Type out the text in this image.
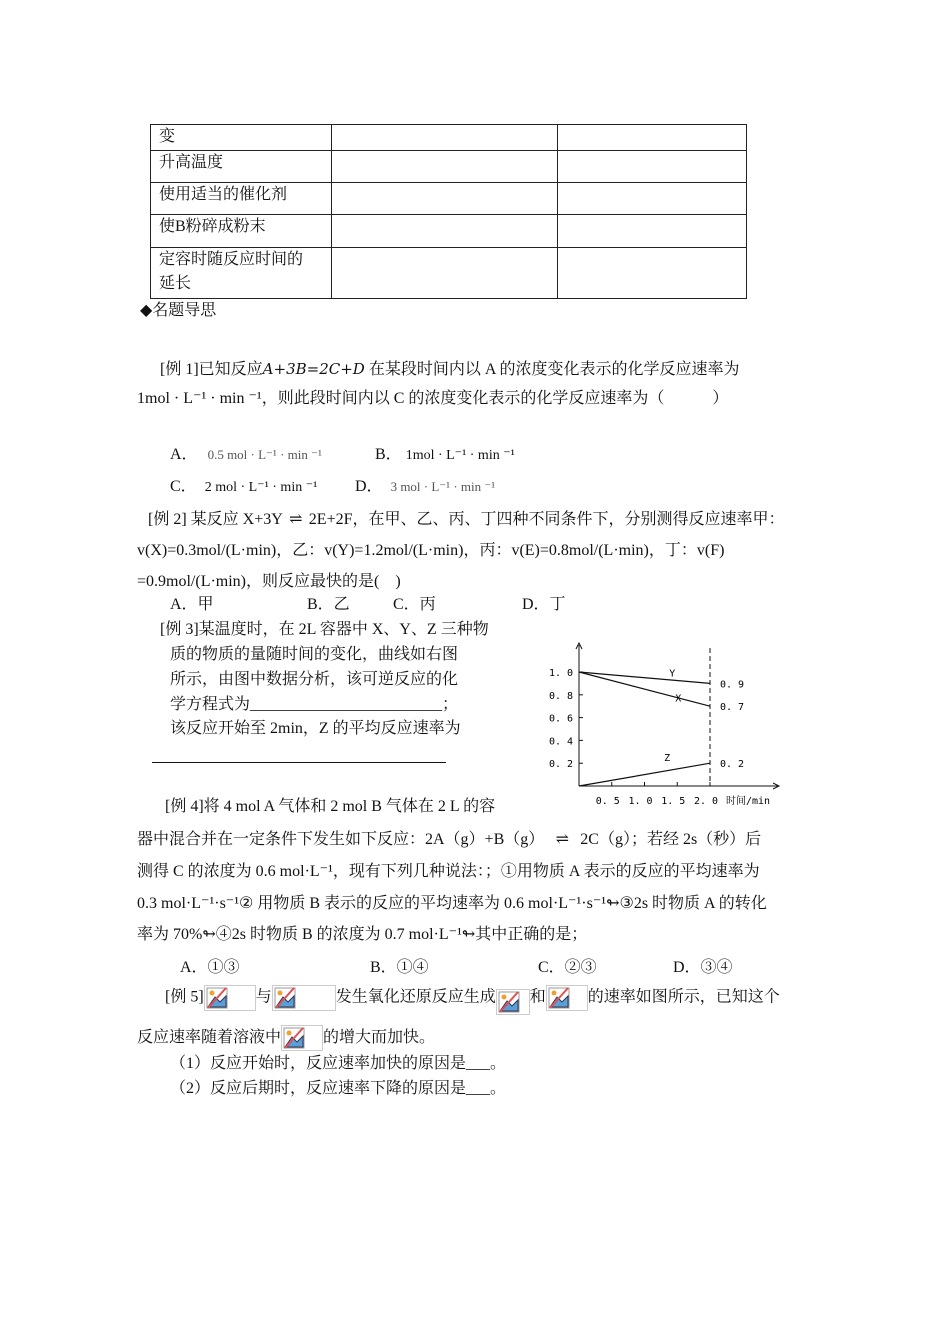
变		
升高温度		
使用适当的催化剂		
使B粉碎成粉末		

定容时随反应时间的
延长		

◆名题导思
[例 1]已知反应A+3B=2C+D 在某段时间内以 A 的浓度变化表示的化学反应速率为
1mol · L⁻¹ · min ⁻¹，则此段时间内以 C 的浓度变化表示的化学反应速率为（　　　）
A． 0.5 mol · L⁻¹ · min ⁻¹	B． 1mol · L⁻¹ · min ⁻¹
C． 2 mol · L⁻¹ · min ⁻¹ D． 3 mol · L⁻¹ · min ⁻¹
[例 2] 某反应 X+3Y ⇌ 2E+2F，在甲、乙、丙、丁四种不同条件下，分别测得反应速率甲：
v(X)=0.3mol/(L·min)，乙：v(Y)=1.2mol/(L·min)，丙：v(E)=0.8mol/(L·min)，丁：v(F)
=0.9mol/(L·min)，则反应最快的是(　)
A．甲	B．乙	C．丙	D．丁
[例 3]某温度时，在 2L 容器中 X、Y、Z 三种物
质的物质的量随时间的变化，曲线如右图
所示，由图中数据分析，该可逆反应的化
学方程式为________________________；
该反应开始至 2min，Z 的平均反应速率为
0. 2
0. 4
0. 6
0. 8
1. 0
0. 5 1. 0 1. 5 2. 0 时间/min
Y
0. 9
X
0. 7
Z
0. 2
[例 4]将 4 mol A 气体和 2 mol B 气体在 2 L 的容
器中混合并在一定条件下发生如下反应：2A（g）+B（g） ⇌ 2C（g）；若经 2s（秒）后
测得 C 的浓度为 0.6 mol·L⁻¹，现有下列几种说法：；①用物质 A 表示的反应的平均速率为
0.3 mol·L⁻¹·s⁻¹② 用物质 B 表示的反应的平均速率为 0.6 mol·L⁻¹·s⁻¹↬③2s 时物质 A 的转化
率为 70%↬④2s 时物质 B 的浓度为 0.7 mol·L⁻¹↬其中正确的是；
A．①③	B．①④	C．②③	D．③④
[例 5]	与	发生氧化还原反应生成 和	的速率如图所示，已知这个
反应速率随着溶液中	的增大而加快。
（1）反应开始时，反应速率加快的原因是___。
（2）反应后期时，反应速率下降的原因是___。
